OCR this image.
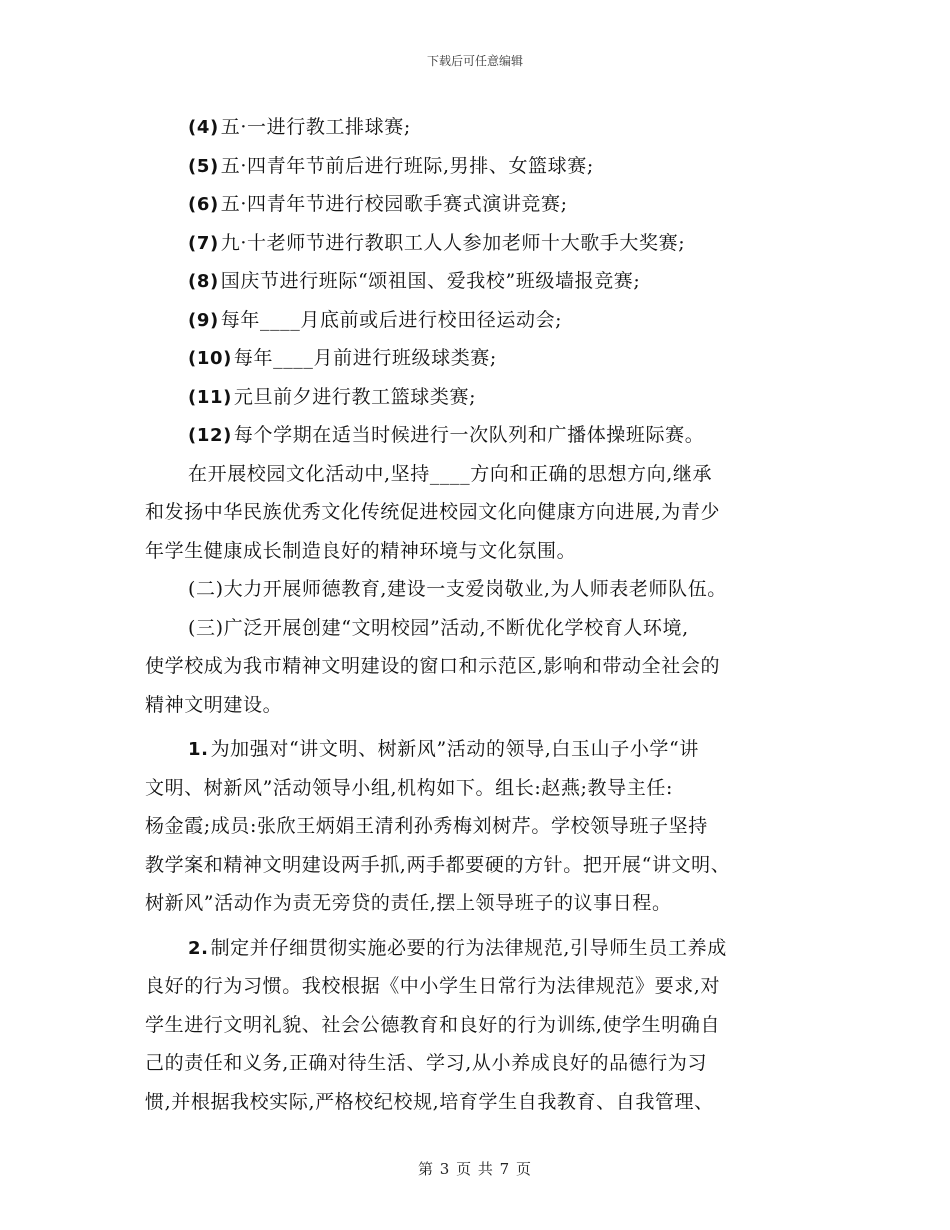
下载后可任意编辑
(4) 五·一进行教工排球赛;
(5) 五·四青年节前后进行班际,男排、女篮球赛;
(6) 五·四青年节进行校园歌手赛式演讲竞赛;
(7) 九·十老师节进行教职工人人参加老师十大歌手大奖赛;
(8) 国庆节进行班际“颂祖国、爱我校”班级墙报竞赛;
(9) 每年____月底前或后进行校田径运动会;
(10) 每年____月前进行班级球类赛;
(11) 元旦前夕进行教工篮球类赛;
(12) 每个学期在适当时候进行一次队列和广播体操班际赛。
在开展校园文化活动中,坚持____方向和正确的思想方向,继承
和发扬中华民族优秀文化传统促进校园文化向健康方向进展,为青少
年学生健康成长制造良好的精神环境与文化氛围。
(二)大力开展师德教育,建设一支爱岗敬业,为人师表老师队伍。
(三)广泛开展创建“文明校园”活动,不断优化学校育人环境,
使学校成为我市精神文明建设的窗口和示范区,影响和带动全社会的
精神文明建设。
1. 为加强对“讲文明、树新风”活动的领导,白玉山子小学“讲
文明、树新风”活动领导小组,机构如下。组长:赵燕;教导主任:
杨金霞;成员:张欣王炳娟王清利孙秀梅刘树芹。学校领导班子坚持
教学案和精神文明建设两手抓,两手都要硬的方针。把开展“讲文明、
树新风”活动作为责无旁贷的责任,摆上领导班子的议事日程。
2. 制定并仔细贯彻实施必要的行为法律规范,引导师生员工养成
良好的行为习惯。我校根据《中小学生日常行为法律规范》要求,对
学生进行文明礼貌、社会公德教育和良好的行为训练,使学生明确自
己的责任和义务,正确对待生活、学习,从小养成良好的品德行为习
惯,并根据我校实际,严格校纪校规,培育学生自我教育、自我管理、
第 3 页 共 7 页
